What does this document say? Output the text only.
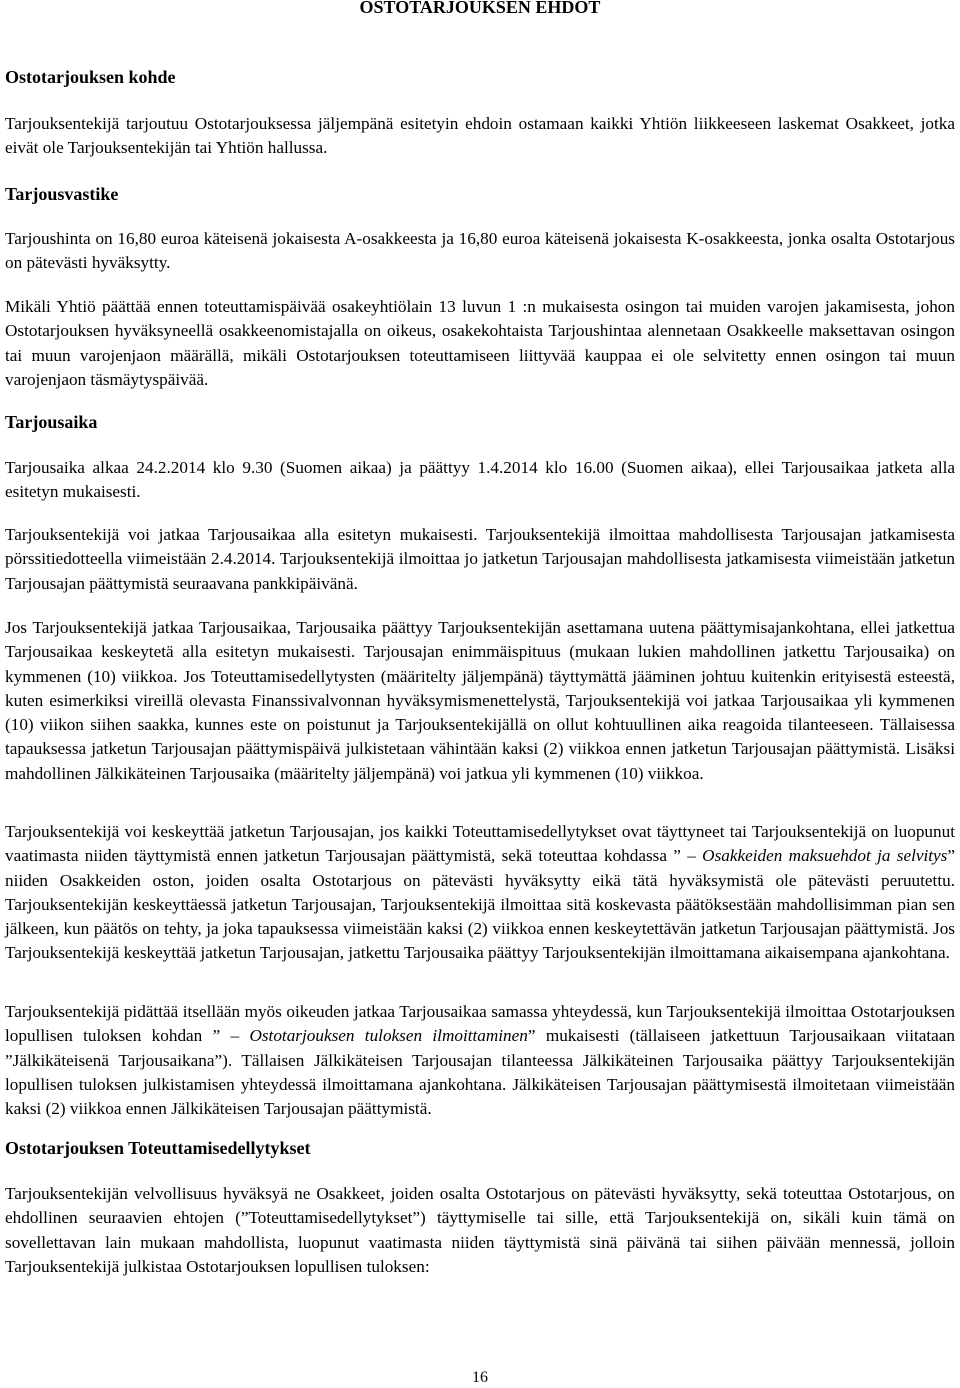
OSTOTARJOUKSEN EHDOT
Ostotarjouksen kohde
Tarjouksentekijä tarjoutuu Ostotarjouksessa jäljempänä esitetyin ehdoin ostamaan kaikki Yhtiön liikkeeseen laskemat Osakkeet, jotka eivät ole Tarjouksentekijän tai Yhtiön hallussa.
Tarjousvastike
Tarjoushinta on 16,80 euroa käteisenä jokaisesta A-osakkeesta ja 16,80 euroa käteisenä jokaisesta K-osakkeesta, jonka osalta Ostotarjous on pätevästi hyväksytty.
Mikäli Yhtiö päättää ennen toteuttamispäivää osakeyhtiölain 13 luvun 1 :n mukaisesta osingon tai muiden varojen jakamisesta, johon Ostotarjouksen hyväksyneellä osakkeenomistajalla on oikeus, osakekohtaista Tarjoushintaa alennetaan Osakkeelle maksettavan osingon tai muun varojenjaon määrällä, mikäli Ostotarjouksen toteuttamiseen liittyvää kauppaa ei ole selvitetty ennen osingon tai muun varojenjaon täsmäytyspäivää.
Tarjousaika
Tarjousaika alkaa 24.2.2014 klo 9.30 (Suomen aikaa) ja päättyy 1.4.2014 klo 16.00 (Suomen aikaa), ellei Tarjousaikaa jatketa alla esitetyn mukaisesti.
Tarjouksentekijä voi jatkaa Tarjousaikaa alla esitetyn mukaisesti. Tarjouksentekijä ilmoittaa mahdollisesta Tarjousajan jatkamisesta pörssitiedotteella viimeistään 2.4.2014. Tarjouksentekijä ilmoittaa jo jatketun Tarjousajan mahdollisesta jatkamisesta viimeistään jatketun Tarjousajan päättymistä seuraavana pankkipäivänä.
Jos Tarjouksentekijä jatkaa Tarjousaikaa, Tarjousaika päättyy Tarjouksentekijän asettamana uutena päättymisajankohtana, ellei jatkettua Tarjousaikaa keskeytetä alla esitetyn mukaisesti. Tarjousajan enimmäispituus (mukaan lukien mahdollinen jatkettu Tarjousaika) on kymmenen (10) viikkoa. Jos Toteuttamisedellytysten (määritelty jäljempänä) täyttymättä jääminen johtuu kuitenkin erityisestä esteestä, kuten esimerkiksi vireillä olevasta Finanssivalvonnan hyväksymismenettelystä, Tarjouksentekijä voi jatkaa Tarjousaikaa yli kymmenen (10) viikon siihen saakka, kunnes este on poistunut ja Tarjouksentekijällä on ollut kohtuullinen aika reagoida tilanteeseen. Tällaisessa tapauksessa jatketun Tarjousajan päättymispäivä julkistetaan vähintään kaksi (2) viikkoa ennen jatketun Tarjousajan päättymistä. Lisäksi mahdollinen Jälkikäteinen Tarjousaika (määritelty jäljempänä) voi jatkua yli kymmenen (10) viikkoa.
Tarjouksentekijä voi keskeyttää jatketun Tarjousajan, jos kaikki Toteuttamisedellytykset ovat täyttyneet tai Tarjouksentekijä on luopunut vaatimasta niiden täyttymistä ennen jatketun Tarjousajan päättymistä, sekä toteuttaa kohdassa ” – Osakkeiden maksuehdot ja selvitys” niiden Osakkeiden oston, joiden osalta Ostotarjous on pätevästi hyväksytty eikä tätä hyväksymistä ole pätevästi peruutettu. Tarjouksentekijän keskeyttäessä jatketun Tarjousajan, Tarjouksentekijä ilmoittaa sitä koskevasta päätöksestään mahdollisimman pian sen jälkeen, kun päätös on tehty, ja joka tapauksessa viimeistään kaksi (2) viikkoa ennen keskeytettävän jatketun Tarjousajan päättymistä. Jos Tarjouksentekijä keskeyttää jatketun Tarjousajan, jatkettu Tarjousaika päättyy Tarjouksentekijän ilmoittamana aikaisempana ajankohtana.
Tarjouksentekijä pidättää itsellään myös oikeuden jatkaa Tarjousaikaa samassa yhteydessä, kun Tarjouksentekijä ilmoittaa Ostotarjouksen lopullisen tuloksen kohdan ” – Ostotarjouksen tuloksen ilmoittaminen” mukaisesti (tällaiseen jatkettuun Tarjousaikaan viitataan ”Jälkikäteisenä Tarjousaikana”). Tällaisen Jälkikäteisen Tarjousajan tilanteessa Jälkikäteinen Tarjousaika päättyy Tarjouksentekijän lopullisen tuloksen julkistamisen yhteydessä ilmoittamana ajankohtana. Jälkikäteisen Tarjousajan päättymisestä ilmoitetaan viimeistään kaksi (2) viikkoa ennen Jälkikäteisen Tarjousajan päättymistä.
Ostotarjouksen Toteuttamisedellytykset
Tarjouksentekijän velvollisuus hyväksyä ne Osakkeet, joiden osalta Ostotarjous on pätevästi hyväksytty, sekä toteuttaa Ostotarjous, on ehdollinen seuraavien ehtojen (”Toteuttamisedellytykset”) täyttymiselle tai sille, että Tarjouksentekijä on, sikäli kuin tämä on sovellettavan lain mukaan mahdollista, luopunut vaatimasta niiden täyttymistä sinä päivänä tai siihen päivään mennessä, jolloin Tarjouksentekijä julkistaa Ostotarjouksen lopullisen tuloksen:
16
